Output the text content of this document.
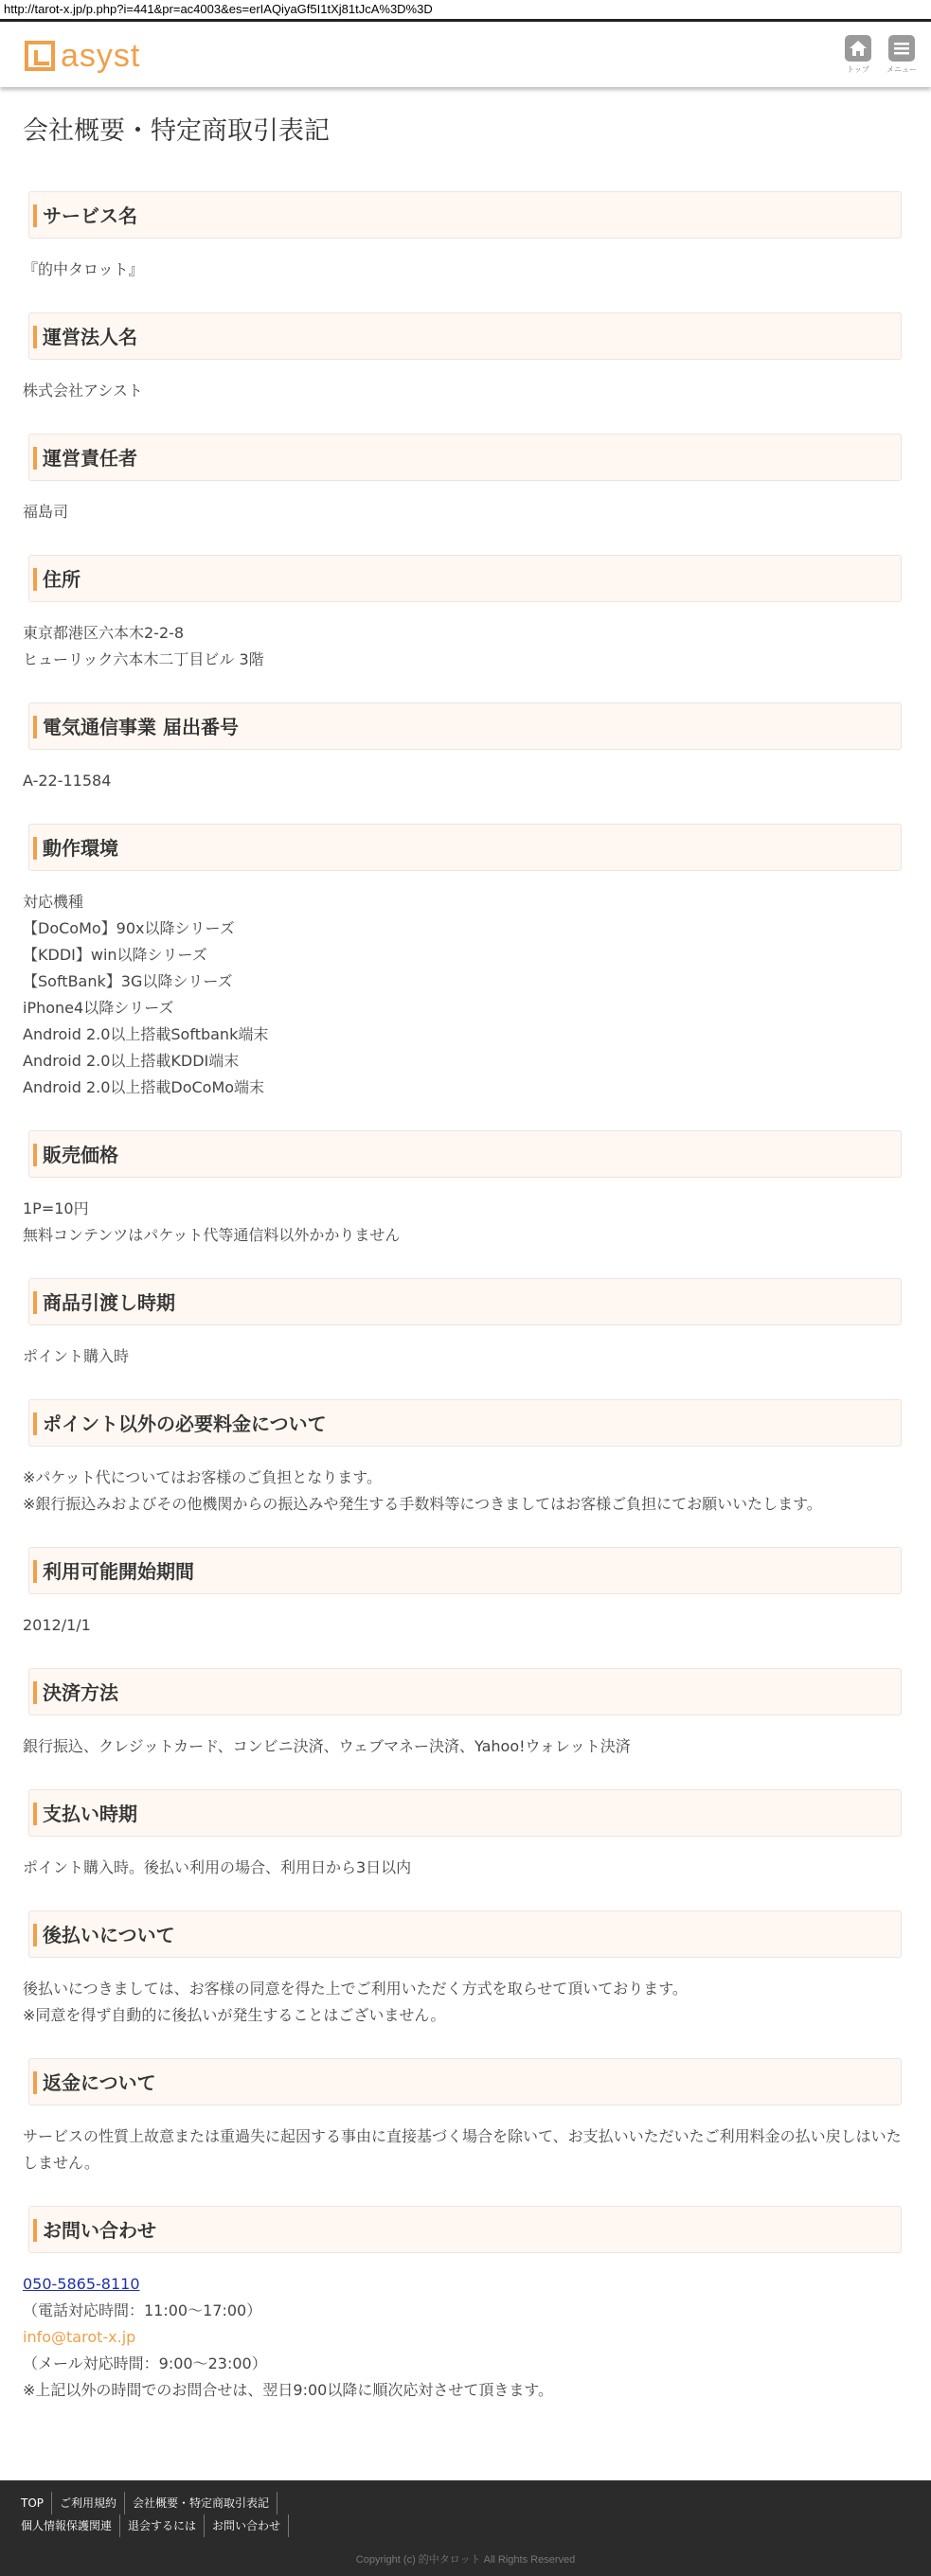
http://tarot-x.jp/p.php?i=441&pr=ac4003&es=erIAQiyaGf5I1tXj81tJcA%3D%3D
asyst	トップ	メニュー
会社概要・特定商取引表記
サービス名
『的中タロット』
運営法人名
株式会社アシスト
運営責任者
福島司
住所
東京都港区六本木2-2-8
ヒューリック六本木二丁目ビル 3階
電気通信事業 届出番号
A-22-11584
動作環境
対応機種
【DoCoMo】90x以降シリーズ
【KDDI】win以降シリーズ
【SoftBank】3G以降シリーズ
iPhone4以降シリーズ
Android 2.0以上搭載Softbank端末
Android 2.0以上搭載KDDI端末
Android 2.0以上搭載DoCoMo端末
販売価格
1P=10円
無料コンテンツはパケット代等通信料以外かかりません
商品引渡し時期
ポイント購入時
ポイント以外の必要料金について
※パケット代についてはお客様のご負担となります。
※銀行振込みおよびその他機関からの振込みや発生する手数料等につきましてはお客様ご負担にてお願いいたします。
利用可能開始期間
2012/1/1
決済方法
銀行振込、クレジットカード、コンビニ決済、ウェブマネー決済、Yahoo!ウォレット決済
支払い時期
ポイント購入時。後払い利用の場合、利用日から3日以内
後払いについて
後払いにつきましては、お客様の同意を得た上でご利用いただく方式を取らせて頂いております。
※同意を得ず自動的に後払いが発生することはございません。
返金について
サービスの性質上故意または重過失に起因する事由に直接基づく場合を除いて、お支払いいただいたご利用料金の払い戻しはいたしません。
お問い合わせ
050-5865-8110
（電話対応時間：11:00〜17:00）
info@tarot-x.jp
（メール対応時間：9:00〜23:00）
※上記以外の時間でのお問合せは、翌日9:00以降に順次応対させて頂きます。
TOP	ご利用規約	会社概要・特定商取引表記
個人情報保護関連	退会するには	お問い合わせ
Copyright (c) 的中タロット All Rights Reserved
